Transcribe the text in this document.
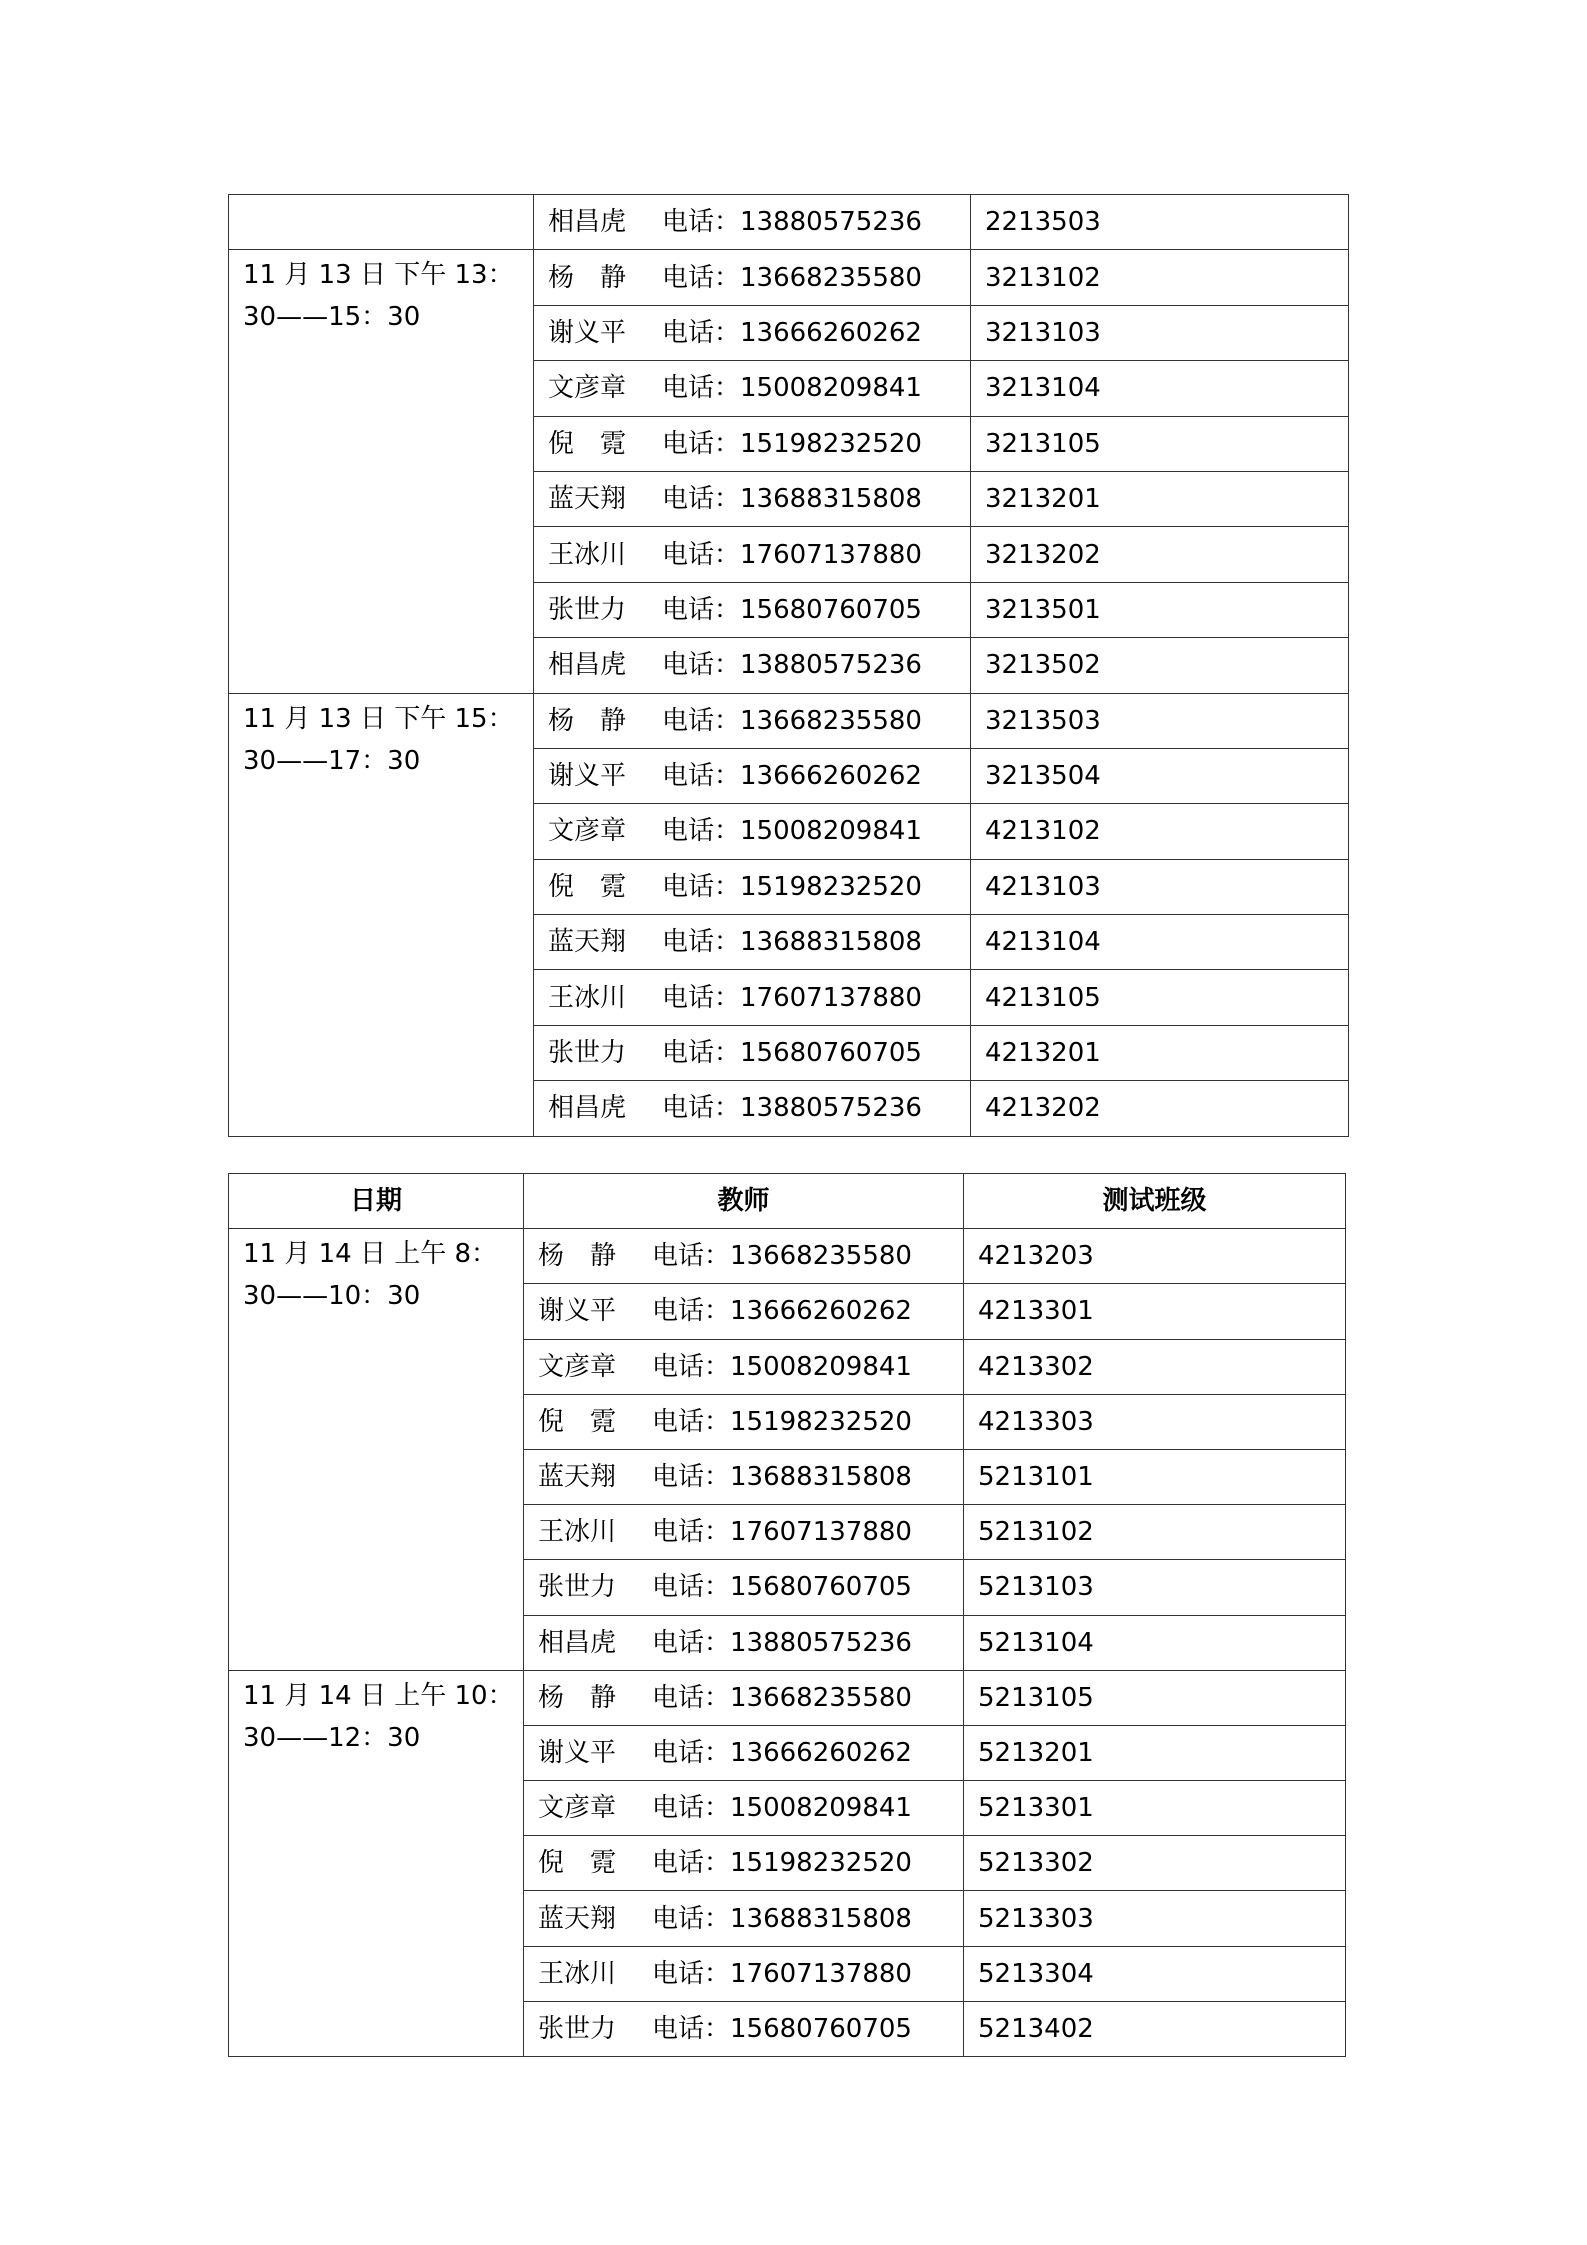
	相昌虎 电话：13880575236	2213503
11 月 13 日 下午 13：30——15：30	杨　静 电话：13668235580	3213102
	谢义平 电话：13666260262	3213103
	文彦章 电话：15008209841	3213104
	倪　霓 电话：15198232520	3213105
	蓝天翔 电话：13688315808	3213201
	王冰川 电话：17607137880	3213202
	张世力 电话：15680760705	3213501
	相昌虎 电话：13880575236	3213502
11 月 13 日 下午 15：30——17：30	杨　静 电话：13668235580	3213503
	谢义平 电话：13666260262	3213504
	文彦章 电话：15008209841	4213102
	倪　霓 电话：15198232520	4213103
	蓝天翔 电话：13688315808	4213104
	王冰川 电话：17607137880	4213105
	张世力 电话：15680760705	4213201
	相昌虎 电话：13880575236	4213202
日期	教师	测试班级
11 月 14 日 上午 8：30——10：30	杨　静 电话：13668235580	4213203
	谢义平 电话：13666260262	4213301
	文彦章 电话：15008209841	4213302
	倪　霓 电话：15198232520	4213303
	蓝天翔 电话：13688315808	5213101
	王冰川 电话：17607137880	5213102
	张世力 电话：15680760705	5213103
	相昌虎 电话：13880575236	5213104
11 月 14 日 上午 10：30——12：30	杨　静 电话：13668235580	5213105
	谢义平 电话：13666260262	5213201
	文彦章 电话：15008209841	5213301
	倪　霓 电话：15198232520	5213302
	蓝天翔 电话：13688315808	5213303
	王冰川 电话：17607137880	5213304
	张世力 电话：15680760705	5213402
